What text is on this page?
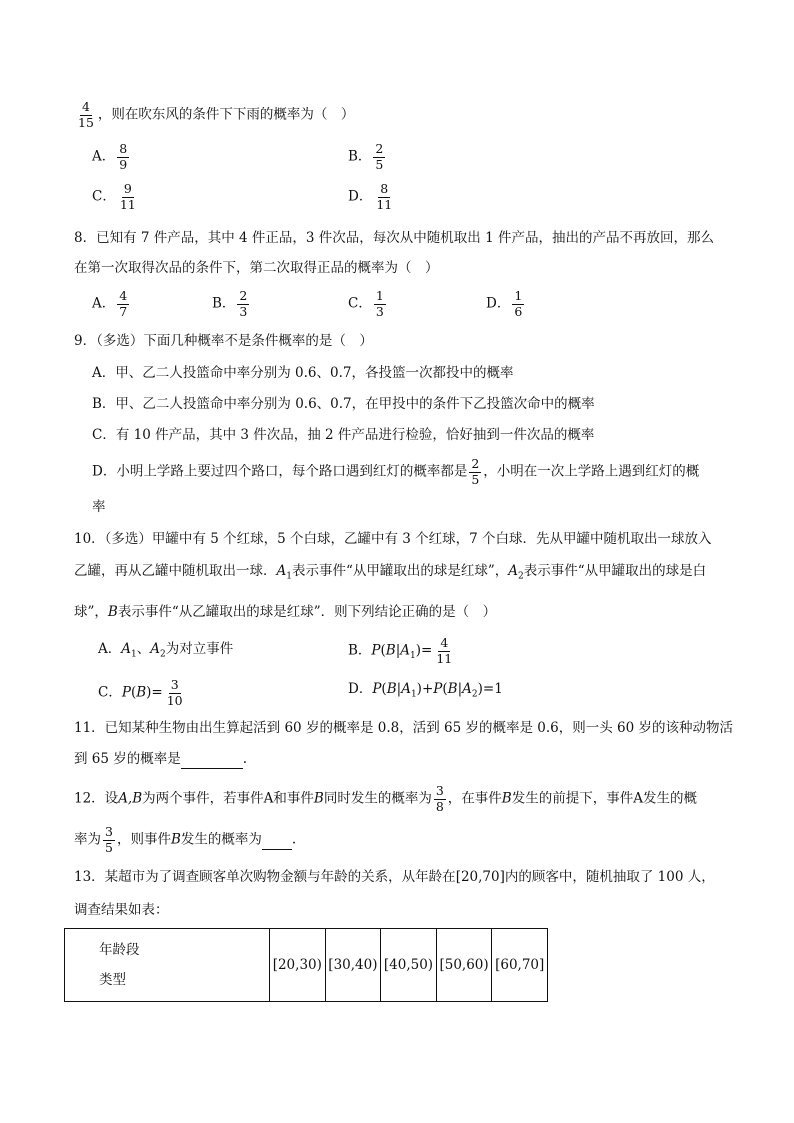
$\frac{4}{15}$ ，则在吹东风的条件下下雨的概率为（　）
A． $\frac{8}{9}$	B． $\frac{2}{5}$
C． $\frac{9}{11}$	D． $\frac{8}{11}$
8．已知有 7 件产品，其中 4 件正品，3 件次品，每次从中随机取出 1 件产品，抽出的产品不再放回，那么
在第一次取得次品的条件下，第二次取得正品的概率为（　）
A． $\frac{4}{7}$	B． $\frac{2}{3}$	C． $\frac{1}{3}$	D． $\frac{1}{6}$
9．（多选）下面几种概率不是条件概率的是（　）
A．甲、乙二人投篮命中率分别为 0.6、0.7，各投篮一次都投中的概率
B．甲、乙二人投篮命中率分别为 0.6、0.7，在甲投中的条件下乙投篮次命中的概率
C．有 10 件产品，其中 3 件次品，抽 2 件产品进行检验，恰好抽到一件次品的概率
D．小明上学路上要过四个路口，每个路口遇到红灯的概率都是 $\frac{2}{5}$ ，小明在一次上学路上遇到红灯的概
率
10．（多选）甲罐中有 5 个红球，5 个白球，乙罐中有 3 个红球，7 个白球．先从甲罐中随机取出一球放入
乙罐，再从乙罐中随机取出一球．$A_1$表示事件“从甲罐取出的球是红球”，$A_2$表示事件“从甲罐取出的球是白
球”，B表示事件“从乙罐取出的球是红球”．则下列结论正确的是（　）
A．$A_1$、$A_2$为对立事件	B．$P(B|A_1)= \frac{4}{11}$
C．$P(B)= \frac{3}{10}$	D．$P(B|A_1)+P(B|A_2)=1$
11．已知某种生物由出生算起活到 60 岁的概率是 0.8，活到 65 岁的概率是 0.6，则一头 60 岁的该种动物活
到 65 岁的概率是	.
12．设A,B为两个事件，若事件A和事件B同时发生的概率为 $\frac{3}{8}$ ，在事件B发生的前提下，事件A发生的概
率为 $\frac{3}{5}$ ，则事件B发生的概率为 .
13．某超市为了调查顾客单次购物金额与年龄的关系，从年龄在[20,70]内的顾客中，随机抽取了 100 人，
调查结果如表：
年龄段
类型
	[20,30)	[30,40)	[40,50)	[50,60)	[60,70]
